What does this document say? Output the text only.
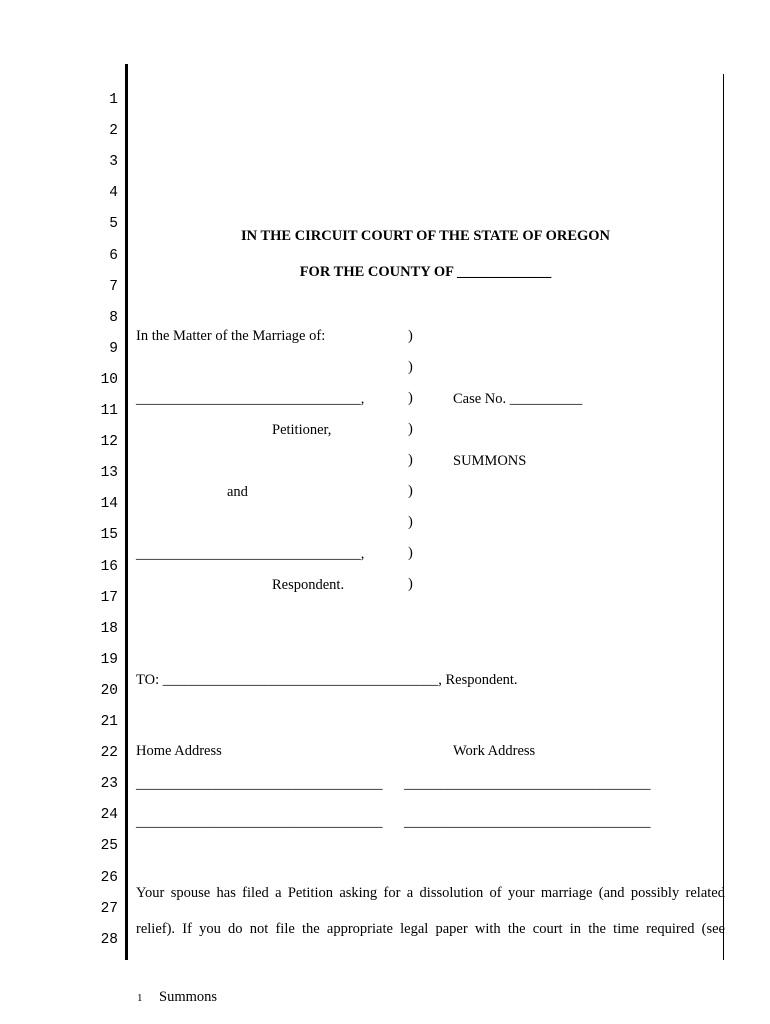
1
2
3
4
5
6
7
8
9
10
11
12
13
14
15
16
17
18
19
20
21
22
23
24
25
26
27
28
IN THE CIRCUIT COURT OF THE STATE OF OREGON
FOR THE COUNTY OF _____________
In the Matter of the Marriage of:
_______________________________,
Petitioner,
and
_______________________________,
Respondent.
)
)
)
)
)
)
)
)
)
Case No. __________
SUMMONS
TO: ______________________________________, Respondent.
Home Address	Work Address
__________________________________ __________________________________
__________________________________ __________________________________
Your spouse has filed a Petition asking for a dissolution of your marriage (and possibly related
relief). If you do not file the appropriate legal paper with the court in the time required (see
1 Summons
